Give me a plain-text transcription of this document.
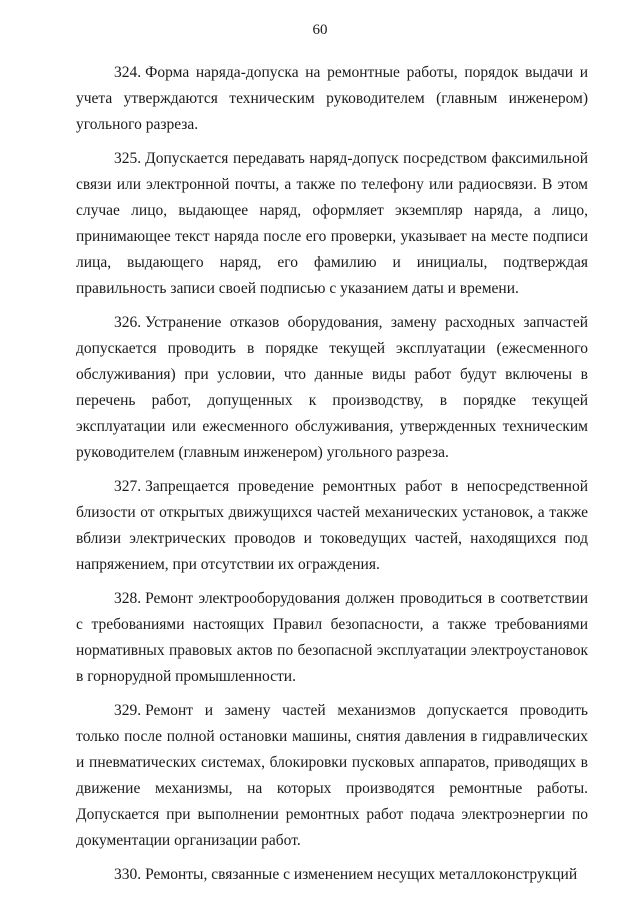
60

324. Форма наряда-допуска на ремонтные работы, порядок выдачи и учета утверждаются техническим руководителем (главным инженером) угольного разреза.

325. Допускается передавать наряд-допуск посредством факсимильной связи или электронной почты, а также по телефону или радиосвязи. В этом случае лицо, выдающее наряд, оформляет экземпляр наряда, а лицо, принимающее текст наряда после его проверки, указывает на месте подписи лица, выдающего наряд, его фамилию и инициалы, подтверждая правильность записи своей подписью с указанием даты и времени.

326. Устранение отказов оборудования, замену расходных запчастей допускается проводить в порядке текущей эксплуатации (ежесменного обслуживания) при условии, что данные виды работ будут включены в перечень работ, допущенных к производству, в порядке текущей эксплуатации или ежесменного обслуживания, утвержденных техническим руководителем (главным инженером) угольного разреза.

327. Запрещается проведение ремонтных работ в непосредственной близости от открытых движущихся частей механических установок, а также вблизи электрических проводов и токоведущих частей, находящихся под напряжением, при отсутствии их ограждения.

328. Ремонт электрооборудования должен проводиться в соответствии с требованиями настоящих Правил безопасности, а также требованиями нормативных правовых актов по безопасной эксплуатации электроустановок в горнорудной промышленности.

329. Ремонт и замену частей механизмов допускается проводить только после полной остановки машины, снятия давления в гидравлических и пневматических системах, блокировки пусковых аппаратов, приводящих в движение механизмы, на которых производятся ремонтные работы. Допускается при выполнении ремонтных работ подача электроэнергии по документации организации работ.

330. Ремонты, связанные с изменением несущих металлоконструкций
